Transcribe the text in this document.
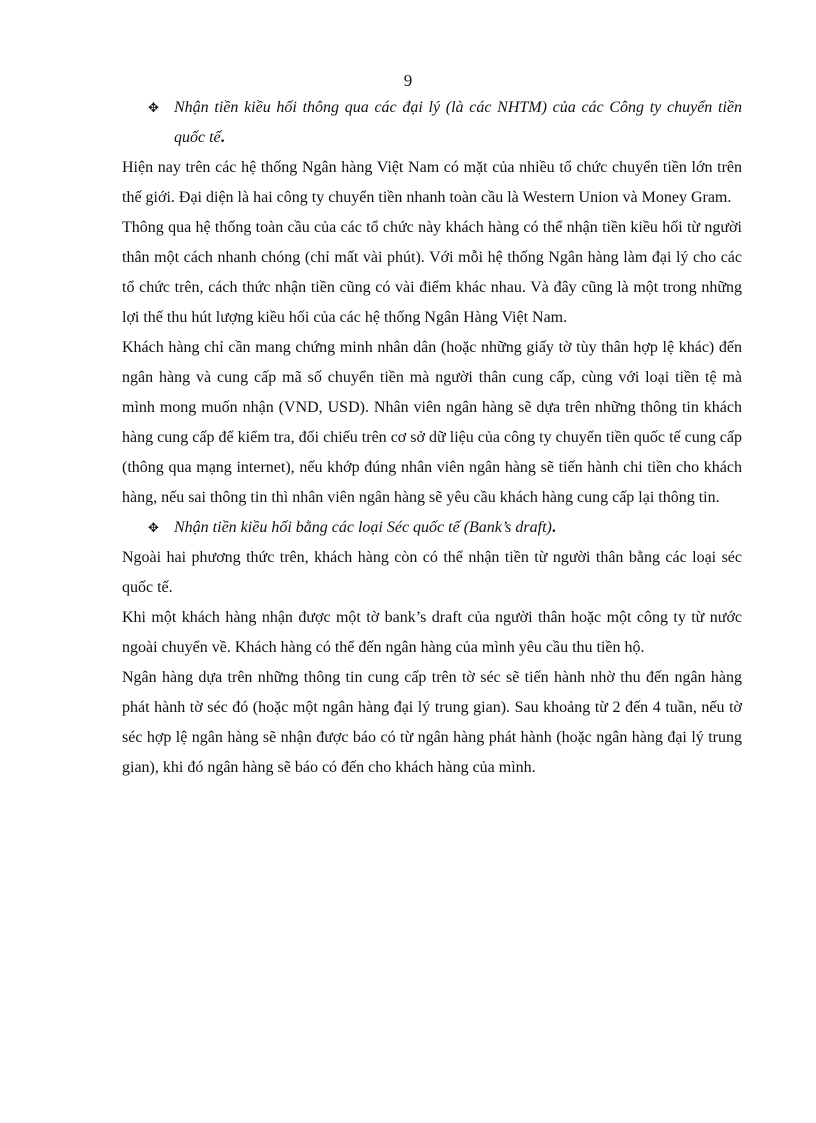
9
✥ Nhận tiền kiều hối thông qua các đại lý (là các NHTM) của các Công ty chuyển tiền quốc tế.

Hiện nay trên các hệ thống Ngân hàng Việt Nam có mặt của nhiều tổ chức chuyển tiền lớn trên thế giới. Đại diện là hai công ty chuyển tiền nhanh toàn cầu là Western Union và Money Gram.

Thông qua hệ thống toàn cầu của các tổ chức này khách hàng có thể nhận tiền kiều hối từ người thân một cách nhanh chóng (chỉ mất vài phút). Với mỗi hệ thống Ngân hàng làm đại lý cho các tổ chức trên, cách thức nhận tiền cũng có vài điểm khác nhau. Và đây cũng là một trong những lợi thế thu hút lượng kiều hối của các hệ thống Ngân Hàng Việt Nam.

Khách hàng chỉ cần mang chứng minh nhân dân (hoặc những giấy tờ tùy thân hợp lệ khác) đến ngân hàng và cung cấp mã số chuyển tiền mà người thân cung cấp, cùng với loại tiền tệ mà mình mong muốn nhận (VND, USD). Nhân viên ngân hàng sẽ dựa trên những thông tin khách hàng cung cấp để kiểm tra, đối chiếu trên cơ sở dữ liệu của công ty chuyển tiền quốc tế cung cấp (thông qua mạng internet), nếu khớp đúng nhân viên ngân hàng sẽ tiến hành chi tiền cho khách hàng, nếu sai thông tin thì nhân viên ngân hàng sẽ yêu cầu khách hàng cung cấp lại thông tin.

✥ Nhận tiền kiều hối bằng các loại Séc quốc tế (Bank’s draft).

Ngoài hai phương thức trên, khách hàng còn có thể nhận tiền từ người thân bằng các loại séc quốc tế.

Khi một khách hàng nhận được một tờ bank’s draft của người thân hoặc một công ty từ nước ngoài chuyển về. Khách hàng có thể đến ngân hàng của mình yêu cầu thu tiền hộ.

Ngân hàng dựa trên những thông tin cung cấp trên tờ séc sẽ tiến hành nhờ thu đến ngân hàng phát hành tờ séc đó (hoặc một ngân hàng đại lý trung gian). Sau khoảng từ 2 đến 4 tuần, nếu tờ séc hợp lệ ngân hàng sẽ nhận được báo có từ ngân hàng phát hành (hoặc ngân hàng đại lý trung gian), khi đó ngân hàng sẽ báo có đến cho khách hàng của mình.
